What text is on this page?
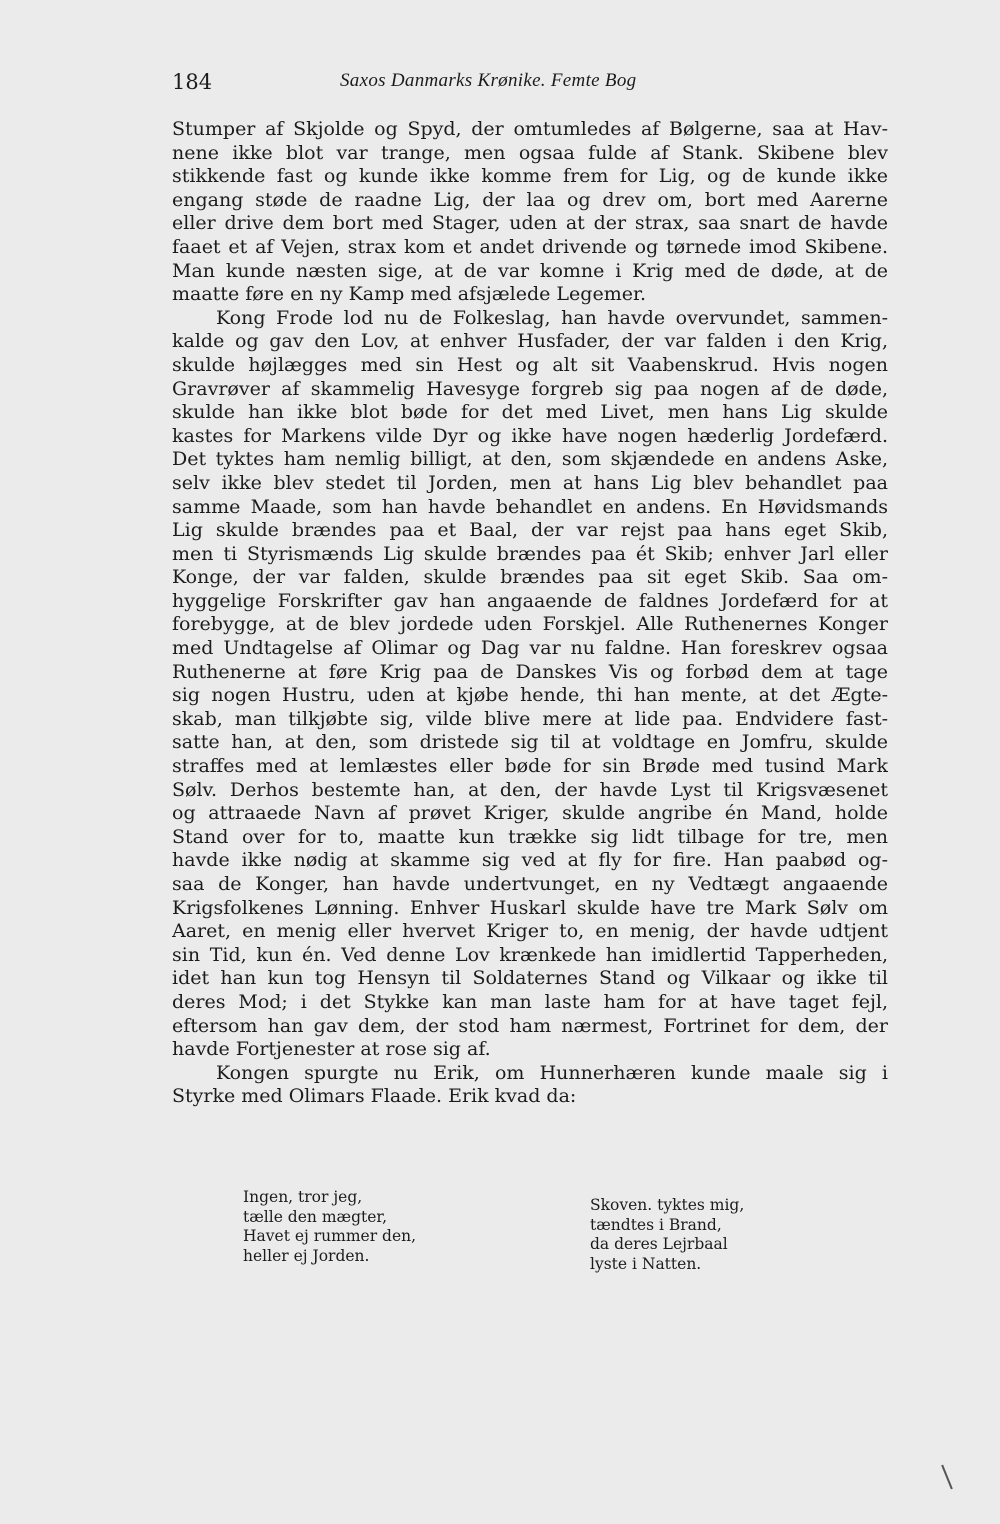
184	Saxos Danmarks Krønike. Femte Bog
Stumper af Skjolde og Spyd, der omtumledes af Bølgerne, saa at Hav-
nene ikke blot var trange, men ogsaa fulde af Stank. Skibene blev
stikkende fast og kunde ikke komme frem for Lig, og de kunde ikke
engang støde de raadne Lig, der laa og drev om, bort med Aarerne
eller drive dem bort med Stager, uden at der strax, saa snart de havde
faaet et af Vejen, strax kom et andet drivende og tørnede imod Skibene.
Man kunde næsten sige, at de var komne i Krig med de døde, at de
maatte føre en ny Kamp med afsjælede Legemer.
Kong Frode lod nu de Folkeslag, han havde overvundet, sammen-
kalde og gav den Lov, at enhver Husfader, der var falden i den Krig,
skulde højlægges med sin Hest og alt sit Vaabenskrud. Hvis nogen
Gravrøver af skammelig Havesyge forgreb sig paa nogen af de døde,
skulde han ikke blot bøde for det med Livet, men hans Lig skulde
kastes for Markens vilde Dyr og ikke have nogen hæderlig Jordefærd.
Det tyktes ham nemlig billigt, at den, som skjændede en andens Aske,
selv ikke blev stedet til Jorden, men at hans Lig blev behandlet paa
samme Maade, som han havde behandlet en andens. En Høvidsmands
Lig skulde brændes paa et Baal, der var rejst paa hans eget Skib,
men ti Styrismænds Lig skulde brændes paa ét Skib; enhver Jarl eller
Konge, der var falden, skulde brændes paa sit eget Skib. Saa om-
hyggelige Forskrifter gav han angaaende de faldnes Jordefærd for at
forebygge, at de blev jordede uden Forskjel. Alle Ruthenernes Konger
med Undtagelse af Olimar og Dag var nu faldne. Han foreskrev ogsaa
Ruthenerne at føre Krig paa de Danskes Vis og forbød dem at tage
sig nogen Hustru, uden at kjøbe hende, thi han mente, at det Ægte-
skab, man tilkjøbte sig, vilde blive mere at lide paa. Endvidere fast-
satte han, at den, som dristede sig til at voldtage en Jomfru, skulde
straffes med at lemlæstes eller bøde for sin Brøde med tusind Mark
Sølv. Derhos bestemte han, at den, der havde Lyst til Krigsvæsenet
og attraaede Navn af prøvet Kriger, skulde angribe én Mand, holde
Stand over for to, maatte kun trække sig lidt tilbage for tre, men
havde ikke nødig at skamme sig ved at fly for fire. Han paabød og-
saa de Konger, han havde undertvunget, en ny Vedtægt angaaende
Krigsfolkenes Lønning. Enhver Huskarl skulde have tre Mark Sølv om
Aaret, en menig eller hvervet Kriger to, en menig, der havde udtjent
sin Tid, kun én. Ved denne Lov krænkede han imidlertid Tapperheden,
idet han kun tog Hensyn til Soldaternes Stand og Vilkaar og ikke til
deres Mod; i det Stykke kan man laste ham for at have taget fejl,
eftersom han gav dem, der stod ham nærmest, Fortrinet for dem, der
havde Fortjenester at rose sig af.
Kongen spurgte nu Erik, om Hunnerhæren kunde maale sig i
Styrke med Olimars Flaade. Erik kvad da:
Ingen, tror jeg,
tælle den mægter,
Havet ej rummer den,
heller ej Jorden.
Skoven. tyktes mig,
tændtes i Brand,
da deres Lejrbaal
lyste i Natten.
